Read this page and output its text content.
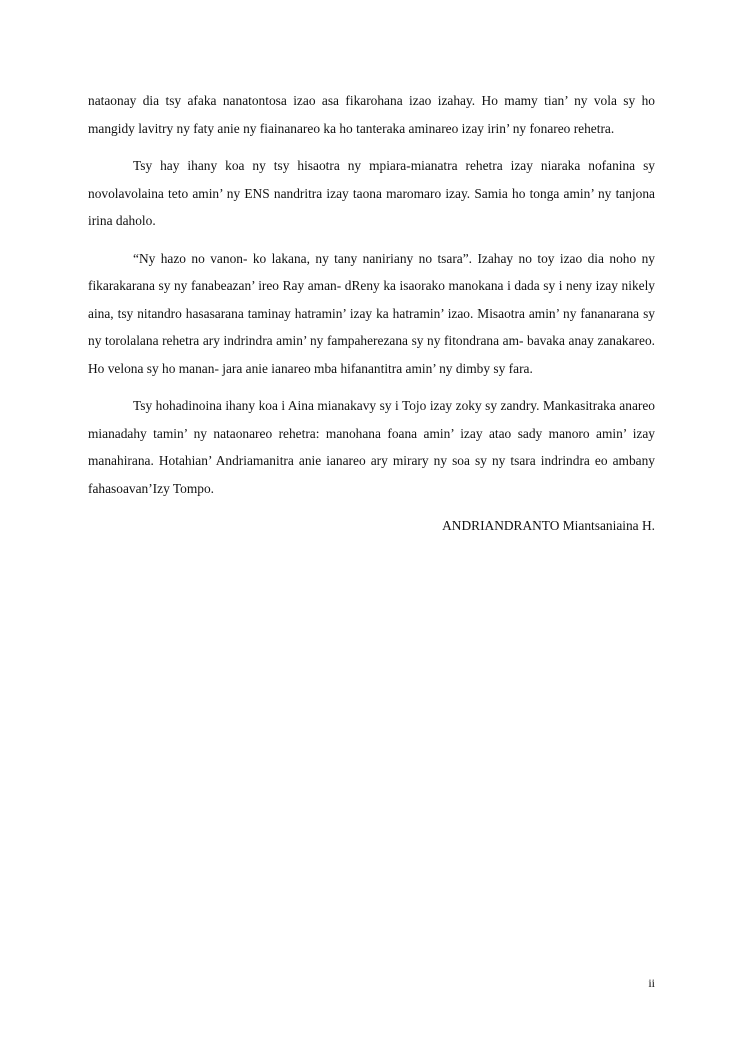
nataonay dia tsy afaka nanatontosa izao asa fikarohana izao izahay. Ho mamy tian’ ny vola sy ho mangidy lavitry ny faty anie ny fiainanareo ka ho tanteraka aminareo izay irin’ ny fonareo rehetra.

Tsy hay ihany koa ny tsy hisaotra ny mpiara-mianatra rehetra izay niaraka nofanina sy novolavolaina teto amin’ ny ENS nandritra izay taona maromaro izay. Samia ho tonga amin’ ny tanjona irina daholo.

“Ny hazo no vanon- ko lakana, ny tany naniriany no tsara”. Izahay no toy izao dia noho ny fikarakarana sy ny fanabeazan’ ireo Ray aman- dReny ka isaorako manokana i dada sy i neny izay nikely aina, tsy nitandro hasasarana taminay hatramin’ izay ka hatramin’ izao. Misaotra amin’ ny fananarana sy ny torolalana rehetra ary indrindra amin’ ny fampaherezana sy ny fitondrana am- bavaka anay zanakareo. Ho velona sy ho manan- jara anie ianareo mba hifanantitra amin’ ny dimby sy fara.

Tsy hohadinoina ihany koa i Aina mianakavy sy i Tojo izay zoky sy zandry. Mankasitraka anareo mianadahy tamin’ ny nataonareo rehetra: manohana foana amin’ izay atao sady manoro amin’ izay manahirana. Hotahian’ Andriamanitra anie ianareo ary mirary ny soa sy ny tsara indrindra eo ambany fahasoavan’Izy Tompo.

ANDRIANDRANTO Miantsaniaina H.

ii
